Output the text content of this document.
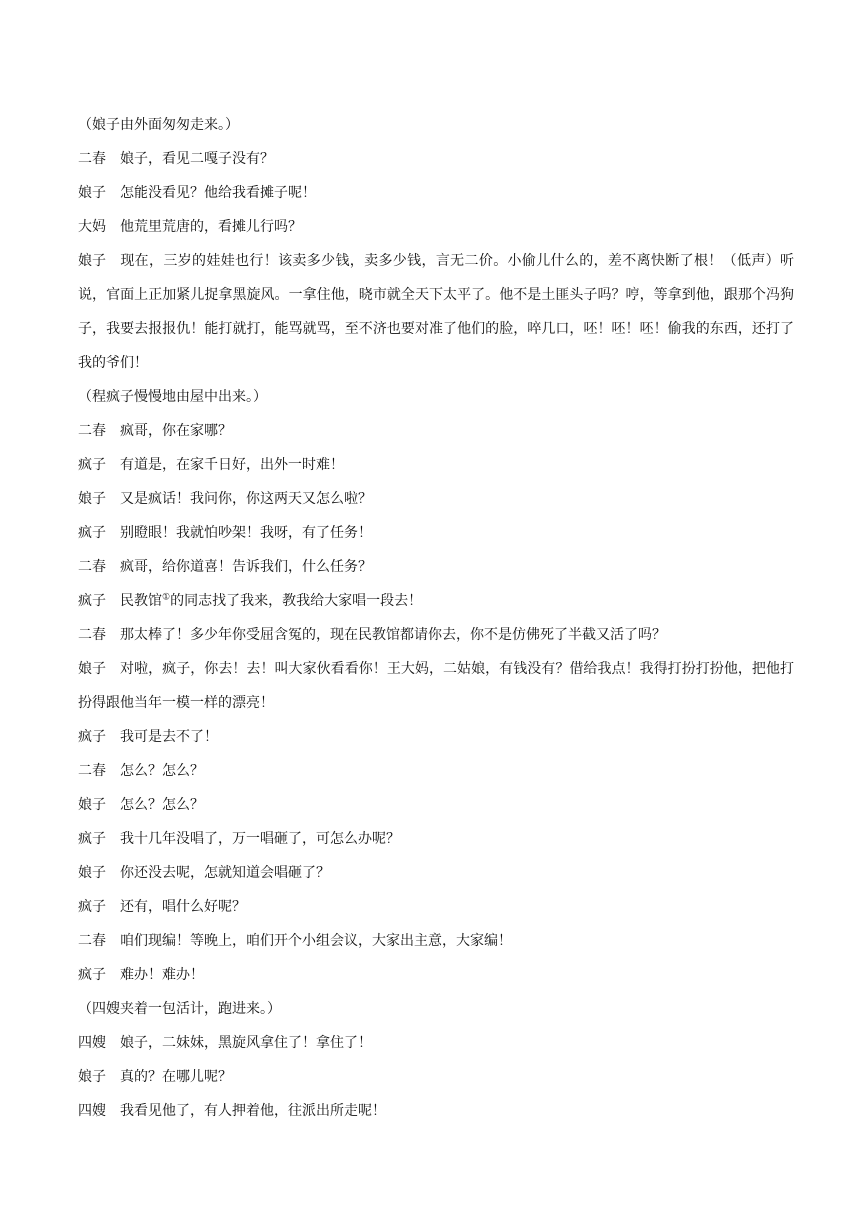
（娘子由外面匆匆走来。）
二春 娘子，看见二嘎子没有？
娘子 怎能没看见？他给我看摊子呢！
大妈 他荒里荒唐的，看摊儿行吗？
娘子 现在，三岁的娃娃也行！该卖多少钱，卖多少钱，言无二价。小偷儿什么的，差不离快断了根！（低声）听说，官面上正加紧儿捉拿黑旋风。一拿住他，晓市就全天下太平了。他不是土匪头子吗？哼，等拿到他，跟那个冯狗子，我要去报报仇！能打就打，能骂就骂，至不济也要对准了他们的脸，啐几口，呸！呸！呸！偷我的东西，还打了我的爷们！
（程疯子慢慢地由屋中出来。）
二春 疯哥，你在家哪？
疯子 有道是，在家千日好，出外一时难！
娘子 又是疯话！我问你，你这两天又怎么啦？
疯子 别瞪眼！我就怕吵架！我呀，有了任务！
二春 疯哥，给你道喜！告诉我们，什么任务？
疯子 民教馆①的同志找了我来，教我给大家唱一段去！
二春 那太棒了！多少年你受屈含冤的，现在民教馆都请你去，你不是仿佛死了半截又活了吗？
娘子 对啦，疯子，你去！去！叫大家伙看看你！王大妈，二姑娘，有钱没有？借给我点！我得打扮打扮他，把他打扮得跟他当年一模一样的漂亮！
疯子 我可是去不了！
二春 怎么？怎么？
娘子 怎么？怎么？
疯子 我十几年没唱了，万一唱砸了，可怎么办呢？
娘子 你还没去呢，怎就知道会唱砸了？
疯子 还有，唱什么好呢？
二春 咱们现编！等晚上，咱们开个小组会议，大家出主意，大家编！
疯子 难办！难办！
（四嫂夹着一包活计，跑进来。）
四嫂 娘子，二妹妹，黑旋风拿住了！拿住了！
娘子 真的？在哪儿呢？
四嫂 我看见他了，有人押着他，往派出所走呢！
